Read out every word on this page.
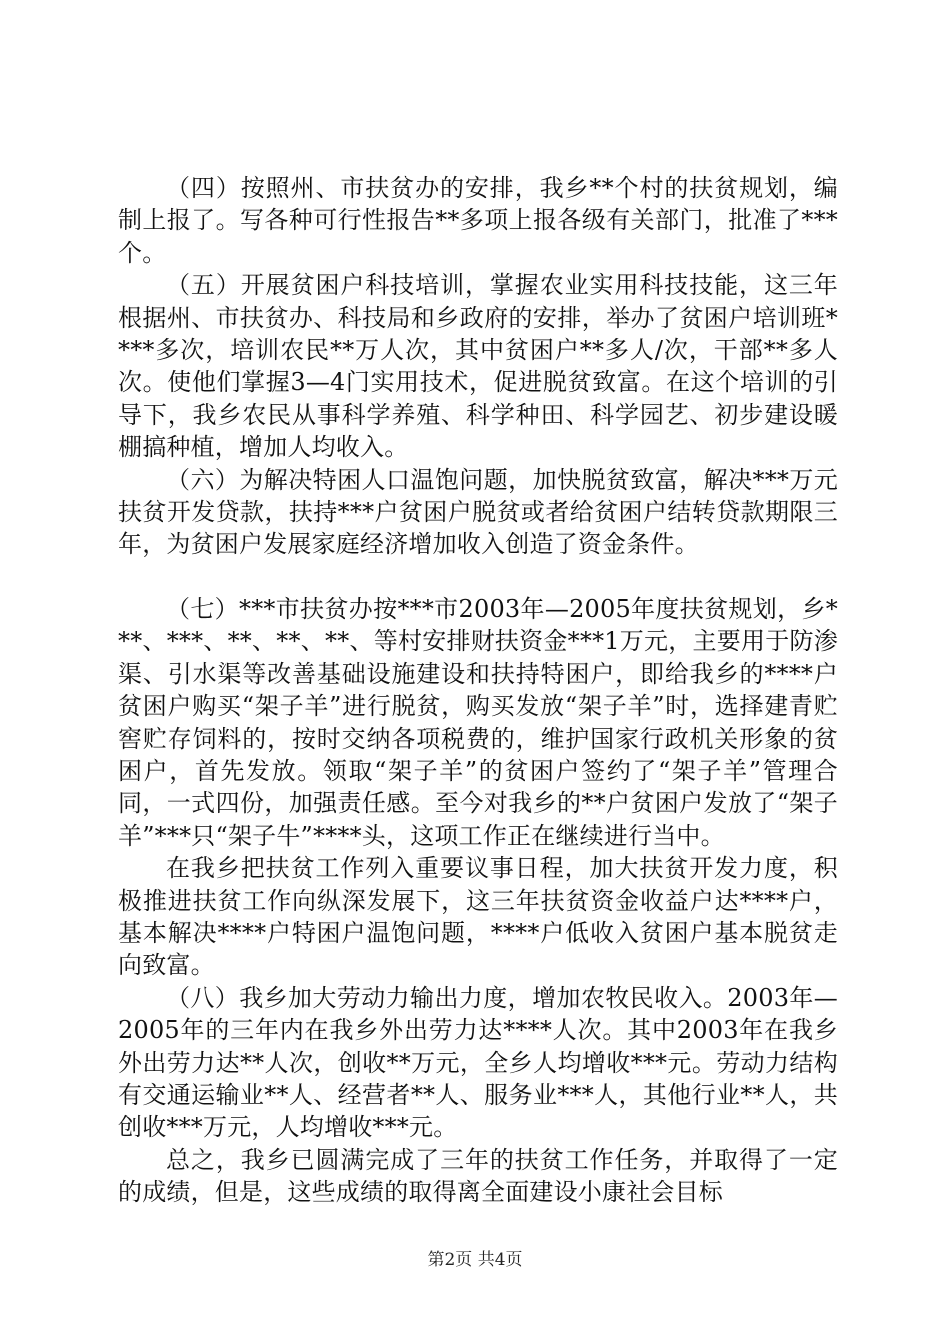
（四）按照州、市扶贫办的安排，我乡**个村的扶贫规划，编制上报了。写各种可行性报告**多项上报各级有关部门，批准了***个。

（五）开展贫困户科技培训，掌握农业实用科技技能，这三年根据州、市扶贫办、科技局和乡政府的安排，举办了贫困户培训班****多次，培训农民**万人次，其中贫困户**多人/次，干部**多人次。使他们掌握3—4门实用技术，促进脱贫致富。在这个培训的引导下，我乡农民从事科学养殖、科学种田、科学园艺、初步建设暖棚搞种植，增加人均收入。

（六）为解决特困人口温饱问题，加快脱贫致富，解决***万元扶贫开发贷款，扶持***户贫困户脱贫或者给贫困户结转贷款期限三年，为贫困户发展家庭经济增加收入创造了资金条件。

（七）***市扶贫办按***市2003年—2005年度扶贫规划，乡***、***、**、**、**、等村安排财扶资金***1万元，主要用于防渗渠、引水渠等改善基础设施建设和扶持特困户，即给我乡的****户贫困户购买“架子羊”进行脱贫，购买发放“架子羊”时，选择建青贮窖贮存饲料的，按时交纳各项税费的，维护国家行政机关形象的贫困户，首先发放。领取“架子羊”的贫困户签约了“架子羊”管理合同，一式四份，加强责任感。至今对我乡的**户贫困户发放了“架子羊”***只“架子牛”****头，这项工作正在继续进行当中。

在我乡把扶贫工作列入重要议事日程，加大扶贫开发力度，积极推进扶贫工作向纵深发展下，这三年扶贫资金收益户达****户，基本解决****户特困户温饱问题，****户低收入贫困户基本脱贫走向致富。

（八）我乡加大劳动力输出力度，增加农牧民收入。2003年—2005年的三年内在我乡外出劳力达****人次。其中2003年在我乡外出劳力达**人次，创收**万元，全乡人均增收***元。劳动力结构有交通运输业**人、经营者**人、服务业***人，其他行业**人，共创收***万元，人均增收***元。

总之，我乡已圆满完成了三年的扶贫工作任务，并取得了一定的成绩，但是，这些成绩的取得离全面建设小康社会目标

第2页 共4页
